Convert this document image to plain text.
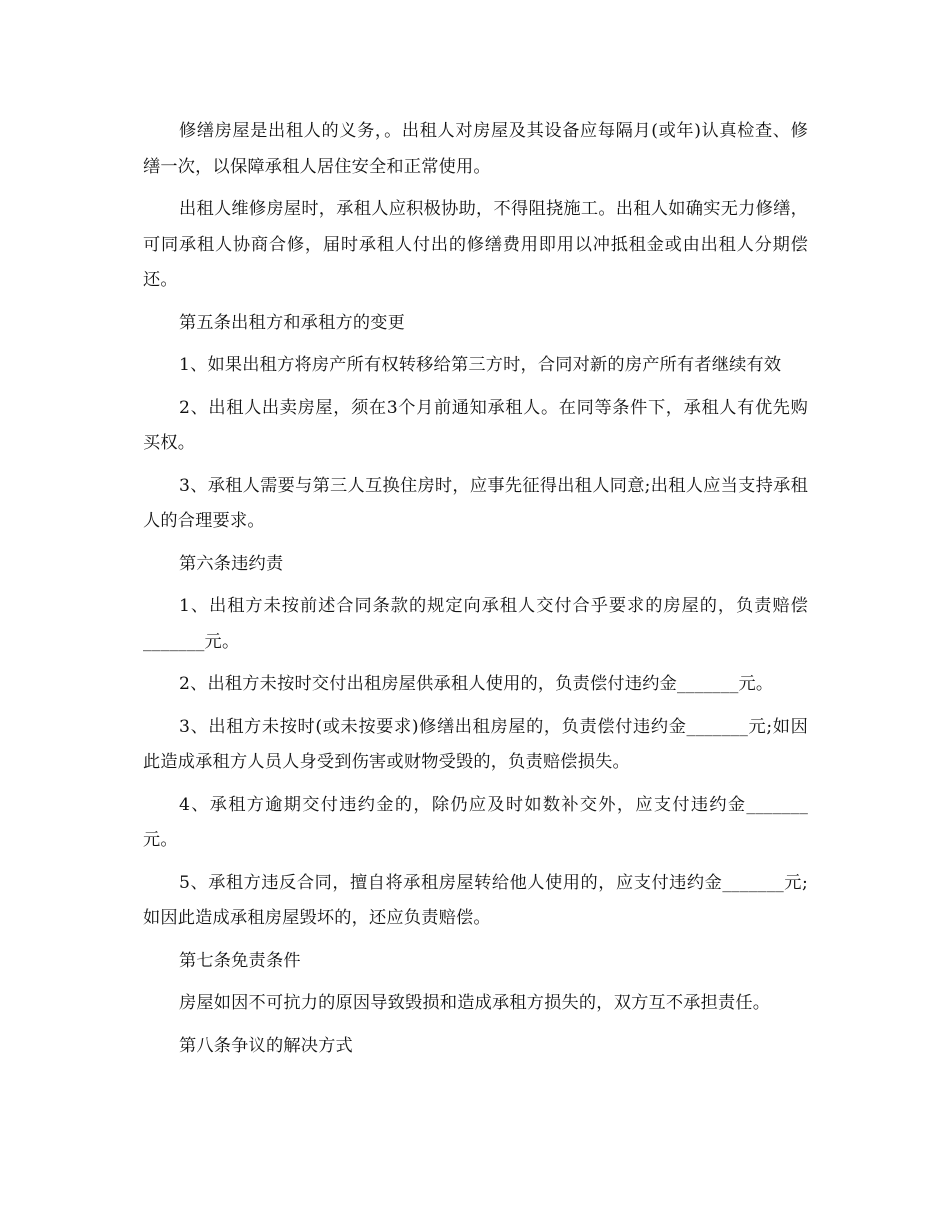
修缮房屋是出租人的义务，。出租人对房屋及其设备应每隔月(或年)认真检查、修缮一次，以保障承租人居住安全和正常使用。

出租人维修房屋时，承租人应积极协助，不得阻挠施工。出租人如确实无力修缮，可同承租人协商合修，届时承租人付出的修缮费用即用以冲抵租金或由出租人分期偿还。

第五条出租方和承租方的变更

1、如果出租方将房产所有权转移给第三方时，合同对新的房产所有者继续有效

2、出租人出卖房屋，须在3个月前通知承租人。在同等条件下，承租人有优先购买权。

3、承租人需要与第三人互换住房时，应事先征得出租人同意;出租人应当支持承租人的合理要求。

第六条违约责

1、出租方未按前述合同条款的规定向承租人交付合乎要求的房屋的，负责赔偿_______元。

2、出租方未按时交付出租房屋供承租人使用的，负责偿付违约金_______元。

3、出租方未按时(或未按要求)修缮出租房屋的，负责偿付违约金_______元;如因此造成承租方人员人身受到伤害或财物受毁的，负责赔偿损失。

4、承租方逾期交付违约金的，除仍应及时如数补交外，应支付违约金_______元。

5、承租方违反合同，擅自将承租房屋转给他人使用的，应支付违约金_______元;如因此造成承租房屋毁坏的，还应负责赔偿。

第七条免责条件

房屋如因不可抗力的原因导致毁损和造成承租方损失的，双方互不承担责任。

第八条争议的解决方式
